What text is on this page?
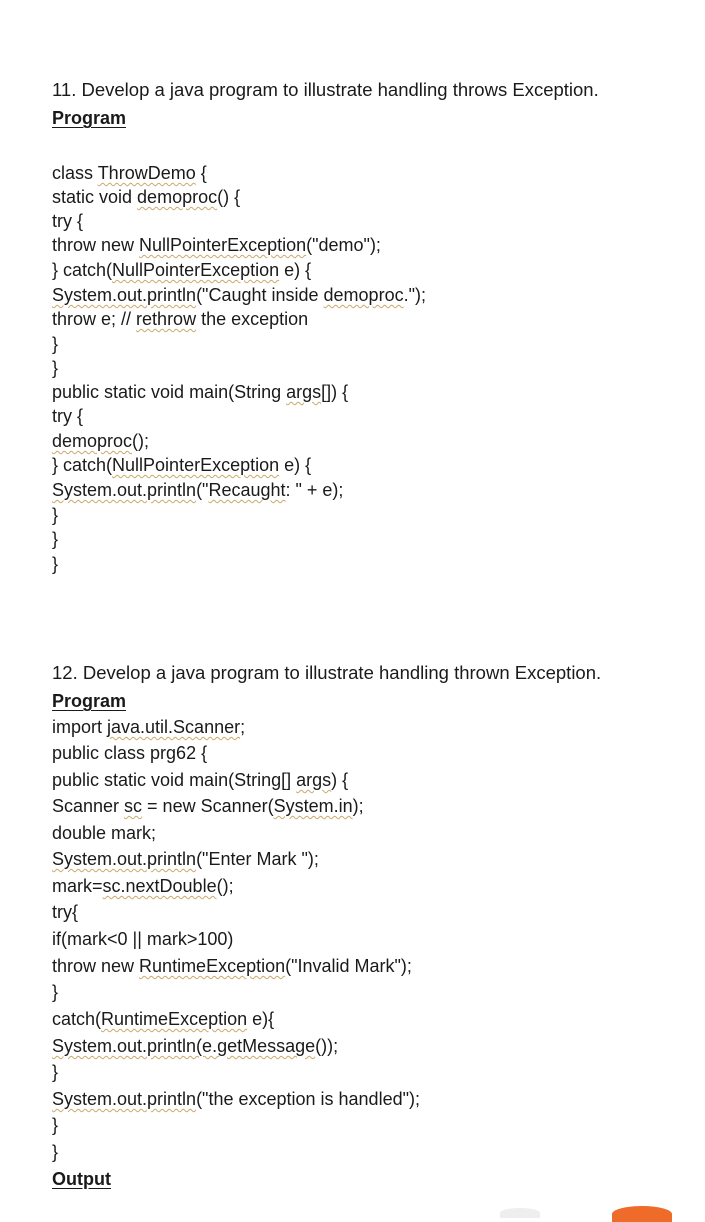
11. Develop a java program to illustrate handling throws Exception.
Program
class ThrowDemo {
static void demoproc() {
try {
throw new NullPointerException("demo");
} catch(NullPointerException e) {
System.out.println("Caught inside demoproc.");
throw e; // rethrow the exception
}
}
public static void main(String args[]) {
try {
demoproc();
} catch(NullPointerException e) {
System.out.println("Recaught: " + e);
}
}
}
12. Develop a java program to illustrate handling thrown Exception.
Program
import java.util.Scanner;
public class prg62 {
public static void main(String[] args) {
Scanner sc = new Scanner(System.in);
double mark;
System.out.println("Enter Mark ");
mark=sc.nextDouble();
try{
if(mark<0 || mark>100)
throw new RuntimeException("Invalid Mark");
}
catch(RuntimeException e){
System.out.println(e.getMessage());
}
System.out.println("the exception is handled");
}
}
Output
